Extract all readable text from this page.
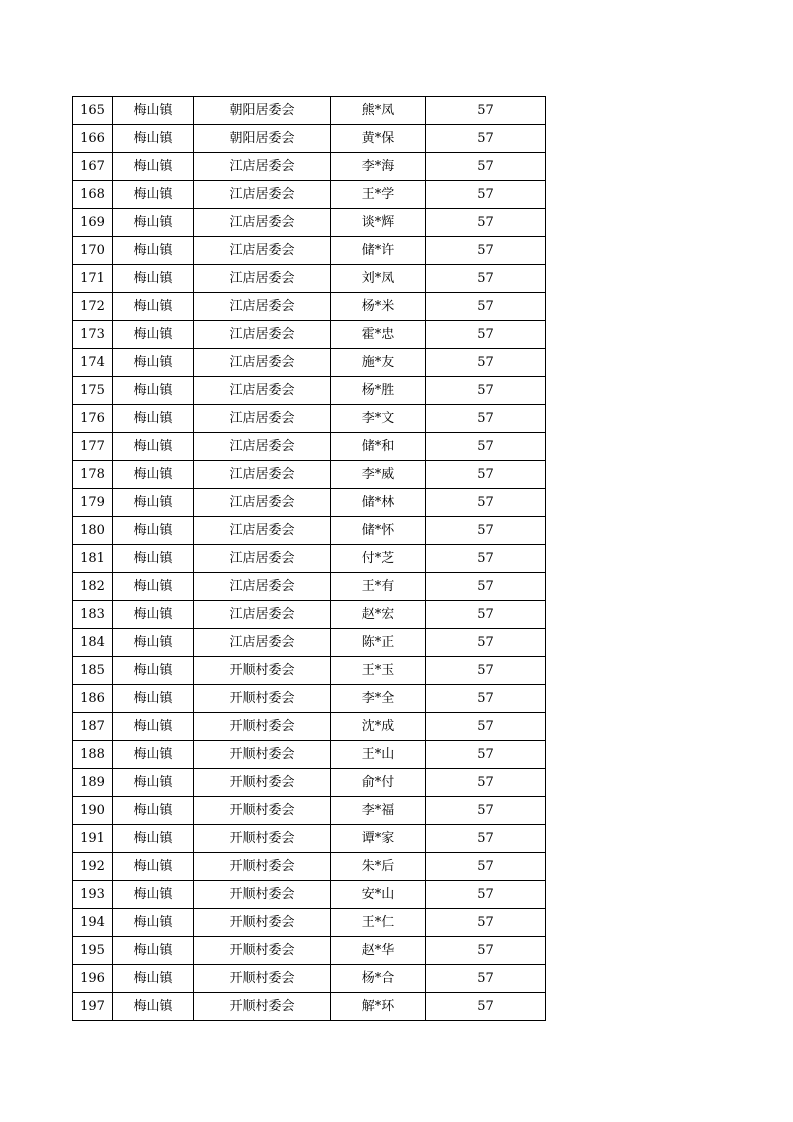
165	梅山镇	朝阳居委会	熊*凤	57
166	梅山镇	朝阳居委会	黄*保	57
167	梅山镇	江店居委会	李*海	57
168	梅山镇	江店居委会	王*学	57
169	梅山镇	江店居委会	谈*辉	57
170	梅山镇	江店居委会	储*许	57
171	梅山镇	江店居委会	刘*凤	57
172	梅山镇	江店居委会	杨*米	57
173	梅山镇	江店居委会	霍*忠	57
174	梅山镇	江店居委会	施*友	57
175	梅山镇	江店居委会	杨*胜	57
176	梅山镇	江店居委会	李*文	57
177	梅山镇	江店居委会	储*和	57
178	梅山镇	江店居委会	李*威	57
179	梅山镇	江店居委会	储*林	57
180	梅山镇	江店居委会	储*怀	57
181	梅山镇	江店居委会	付*芝	57
182	梅山镇	江店居委会	王*有	57
183	梅山镇	江店居委会	赵*宏	57
184	梅山镇	江店居委会	陈*正	57
185	梅山镇	开顺村委会	王*玉	57
186	梅山镇	开顺村委会	李*全	57
187	梅山镇	开顺村委会	沈*成	57
188	梅山镇	开顺村委会	王*山	57
189	梅山镇	开顺村委会	俞*付	57
190	梅山镇	开顺村委会	李*福	57
191	梅山镇	开顺村委会	谭*家	57
192	梅山镇	开顺村委会	朱*后	57
193	梅山镇	开顺村委会	安*山	57
194	梅山镇	开顺村委会	王*仁	57
195	梅山镇	开顺村委会	赵*华	57
196	梅山镇	开顺村委会	杨*合	57
197	梅山镇	开顺村委会	解*环	57
